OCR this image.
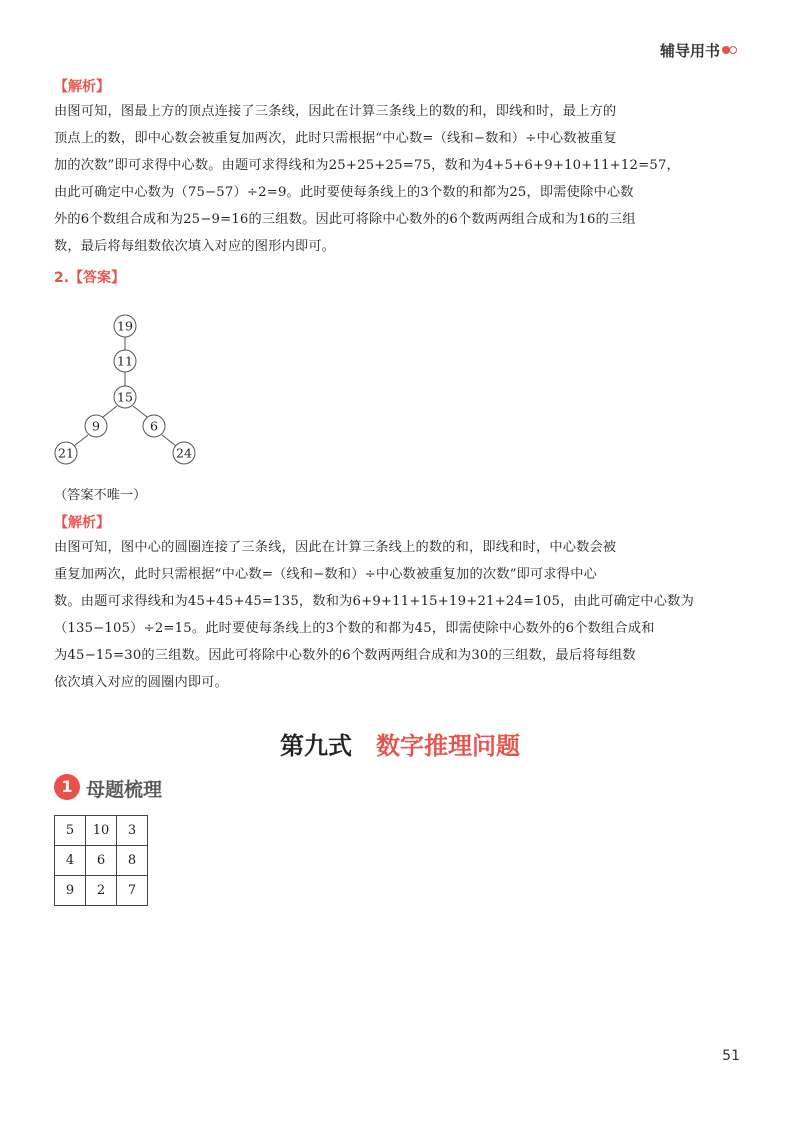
辅导用书
【解析】
由图可知，图最上方的顶点连接了三条线，因此在计算三条线上的数的和，即线和时，最上方的
顶点上的数，即中心数会被重复加两次，此时只需根据“中心数=（线和−数和）÷中心数被重复
加的次数”即可求得中心数。由题可求得线和为25+25+25=75，数和为4+5+6+9+10+11+12=57，
由此可确定中心数为（75−57）÷2=9。此时要使每条线上的3个数的和都为25，即需使除中心数
外的6个数组合成和为25−9=16的三组数。因此可将除中心数外的6个数两两组合成和为16的三组
数，最后将每组数依次填入对应的图形内即可。
2.【答案】
19
11
15
9	6
21	24
（答案不唯一）
【解析】
由图可知，图中心的圆圈连接了三条线，因此在计算三条线上的数的和，即线和时，中心数会被
重复加两次，此时只需根据“中心数=（线和−数和）÷中心数被重复加的次数”即可求得中心
数。由题可求得线和为45+45+45=135，数和为6+9+11+15+19+21+24=105，由此可确定中心数为
（135−105）÷2=15。此时要使每条线上的3个数的和都为45，即需使除中心数外的6个数组合成和
为45−15=30的三组数。因此可将除中心数外的6个数两两组合成和为30的三组数，最后将每组数
依次填入对应的圆圈内即可。
第九式 数字推理问题
1 母题梳理
5	10	3
4	6	8
9	2	7
51
